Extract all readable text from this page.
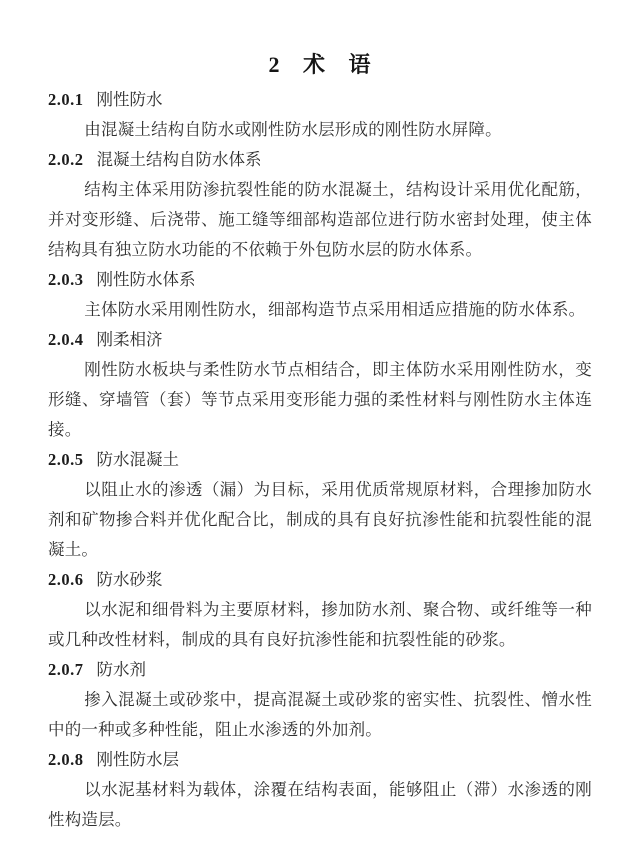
2 术 语
2.0.1 刚性防水

由混凝土结构自防水或刚性防水层形成的刚性防水屏障。

2.0.2 混凝土结构自防水体系

结构主体采用防渗抗裂性能的防水混凝土，结构设计采用优化配筋，并对变形缝、后浇带、施工缝等细部构造部位进行防水密封处理，使主体结构具有独立防水功能的不依赖于外包防水层的防水体系。

2.0.3 刚性防水体系

主体防水采用刚性防水，细部构造节点采用相适应措施的防水体系。

2.0.4 刚柔相济

刚性防水板块与柔性防水节点相结合，即主体防水采用刚性防水，变形缝、穿墙管（套）等节点采用变形能力强的柔性材料与刚性防水主体连接。

2.0.5 防水混凝土

以阻止水的渗透（漏）为目标，采用优质常规原材料，合理掺加防水剂和矿物掺合料并优化配合比，制成的具有良好抗渗性能和抗裂性能的混凝土。

2.0.6 防水砂浆

以水泥和细骨料为主要原材料，掺加防水剂、聚合物、或纤维等一种或几种改性材料，制成的具有良好抗渗性能和抗裂性能的砂浆。

2.0.7 防水剂

掺入混凝土或砂浆中，提高混凝土或砂浆的密实性、抗裂性、憎水性中的一种或多种性能，阻止水渗透的外加剂。

2.0.8 刚性防水层

以水泥基材料为载体，涂覆在结构表面，能够阻止（滞）水渗透的刚性构造层。
